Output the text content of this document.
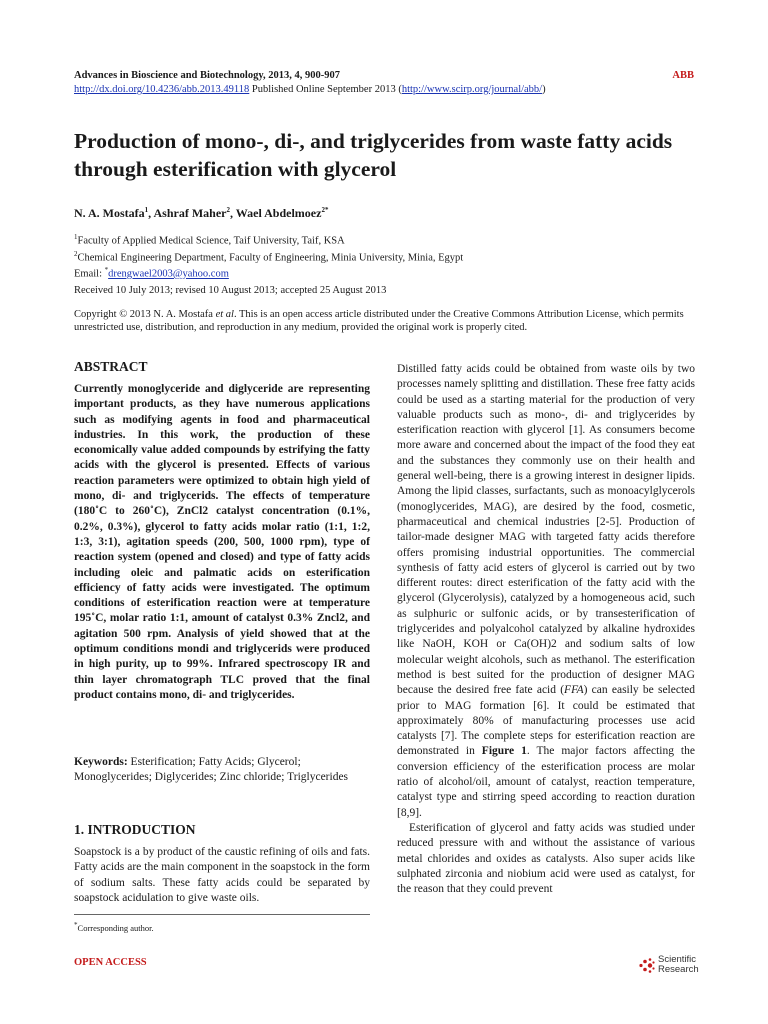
Advances in Bioscience and Biotechnology, 2013, 4, 900-907	ABB
http://dx.doi.org/10.4236/abb.2013.49118 Published Online September 2013 (http://www.scirp.org/journal/abb/)
Production of mono-, di-, and triglycerides from waste fatty acids through esterification with glycerol
N. A. Mostafa$^1$, Ashraf Maher$^2$, Wael Abdelmoez$^{2*}$
$^1$Faculty of Applied Medical Science, Taif University, Taif, KSA
$^2$Chemical Engineering Department, Faculty of Engineering, Minia University, Minia, Egypt
Email: *drengwael2003@yahoo.com
Received 10 July 2013; revised 10 August 2013; accepted 25 August 2013
Copyright © 2013 N. A. Mostafa et al. This is an open access article distributed under the Creative Commons Attribution License, which permits unrestricted use, distribution, and reproduction in any medium, provided the original work is properly cited.
ABSTRACT
Currently monoglyceride and diglyceride are representing important products, as they have numerous applications such as modifying agents in food and pharmaceutical industries. In this work, the production of these economically value added compounds by estrifying the fatty acids with the glycerol is presented. Effects of various reaction parameters were optimized to obtain high yield of mono, di- and triglycerids. The effects of temperature (180˚C to 260˚C), ZnCl2 catalyst concentration (0.1%, 0.2%, 0.3%), glycerol to fatty acids molar ratio (1:1, 1:2, 1:3, 3:1), agitation speeds (200, 500, 1000 rpm), type of reaction system (opened and closed) and type of fatty acids including oleic and palmatic acids on esterification efficiency of fatty acids were investigated. The optimum conditions of esterification reaction were at temperature 195˚C, molar ratio 1:1, amount of catalyst 0.3% Zncl2, and agitation 500 rpm. Analysis of yield showed that at the optimum conditions mondi and triglycerids were produced in high purity, up to 99%. Infrared spectroscopy IR and thin layer chromatograph TLC proved that the final product contains mono, di- and triglycerides.
Keywords: Esterification; Fatty Acids; Glycerol; Monoglycerides; Diglycerides; Zinc chloride; Triglycerides
1. INTRODUCTION
Soapstock is a by product of the caustic refining of oils and fats. Fatty acids are the main component in the soapstock in the form of sodium salts. These fatty acids could be separated by soapstock acidulation to give waste oils.

Distilled fatty acids could be obtained from waste oils by two processes namely splitting and distillation. These free fatty acids could be used as a starting material for the production of very valuable products such as mono-, di- and triglycerides by esterification reaction with glycerol [1]. As consumers become more aware and concerned about the impact of the food they eat and the substances they commonly use on their health and general well-being, there is a growing interest in designer lipids. Among the lipid classes, surfactants, such as monoacylglycerols (monoglycerides, MAG), are desired by the food, cosmetic, pharmaceutical and chemical industries [2-5]. Production of tailor-made designer MAG with targeted fatty acids therefore offers promising industrial opportunities. The commercial synthesis of fatty acid esters of glycerol is carried out by two different routes: direct esterification of the fatty acid with the glycerol (Glycerolysis), catalyzed by a homogeneous acid, such as sulphuric or sulfonic acids, or by transesterification of triglycerides and polyalcohol catalyzed by alkaline hydroxides like NaOH, KOH or Ca(OH)2 and sodium salts of low molecular weight alcohols, such as methanol. The esterification method is best suited for the production of designer MAG because the desired free fate acid (FFA) can easily be selected prior to MAG formation [6]. It could be estimated that approximately 80% of manufacturing processes use acid catalysts [7]. The complete steps for esterification reaction are demonstrated in Figure 1. The major factors affecting the conversion efficiency of the esterification process are molar ratio of alcohol/oil, amount of catalyst, reaction temperature, catalyst type and stirring speed according to reaction duration [8,9].

Esterification of glycerol and fatty acids was studied under reduced pressure with and without the assistance of various metal chlorides and oxides as catalysts. Also super acids like sulphated zirconia and niobium acid were used as catalyst, for the reason that they could prevent

*Corresponding author.
OPEN ACCESS	Scientific
Research
